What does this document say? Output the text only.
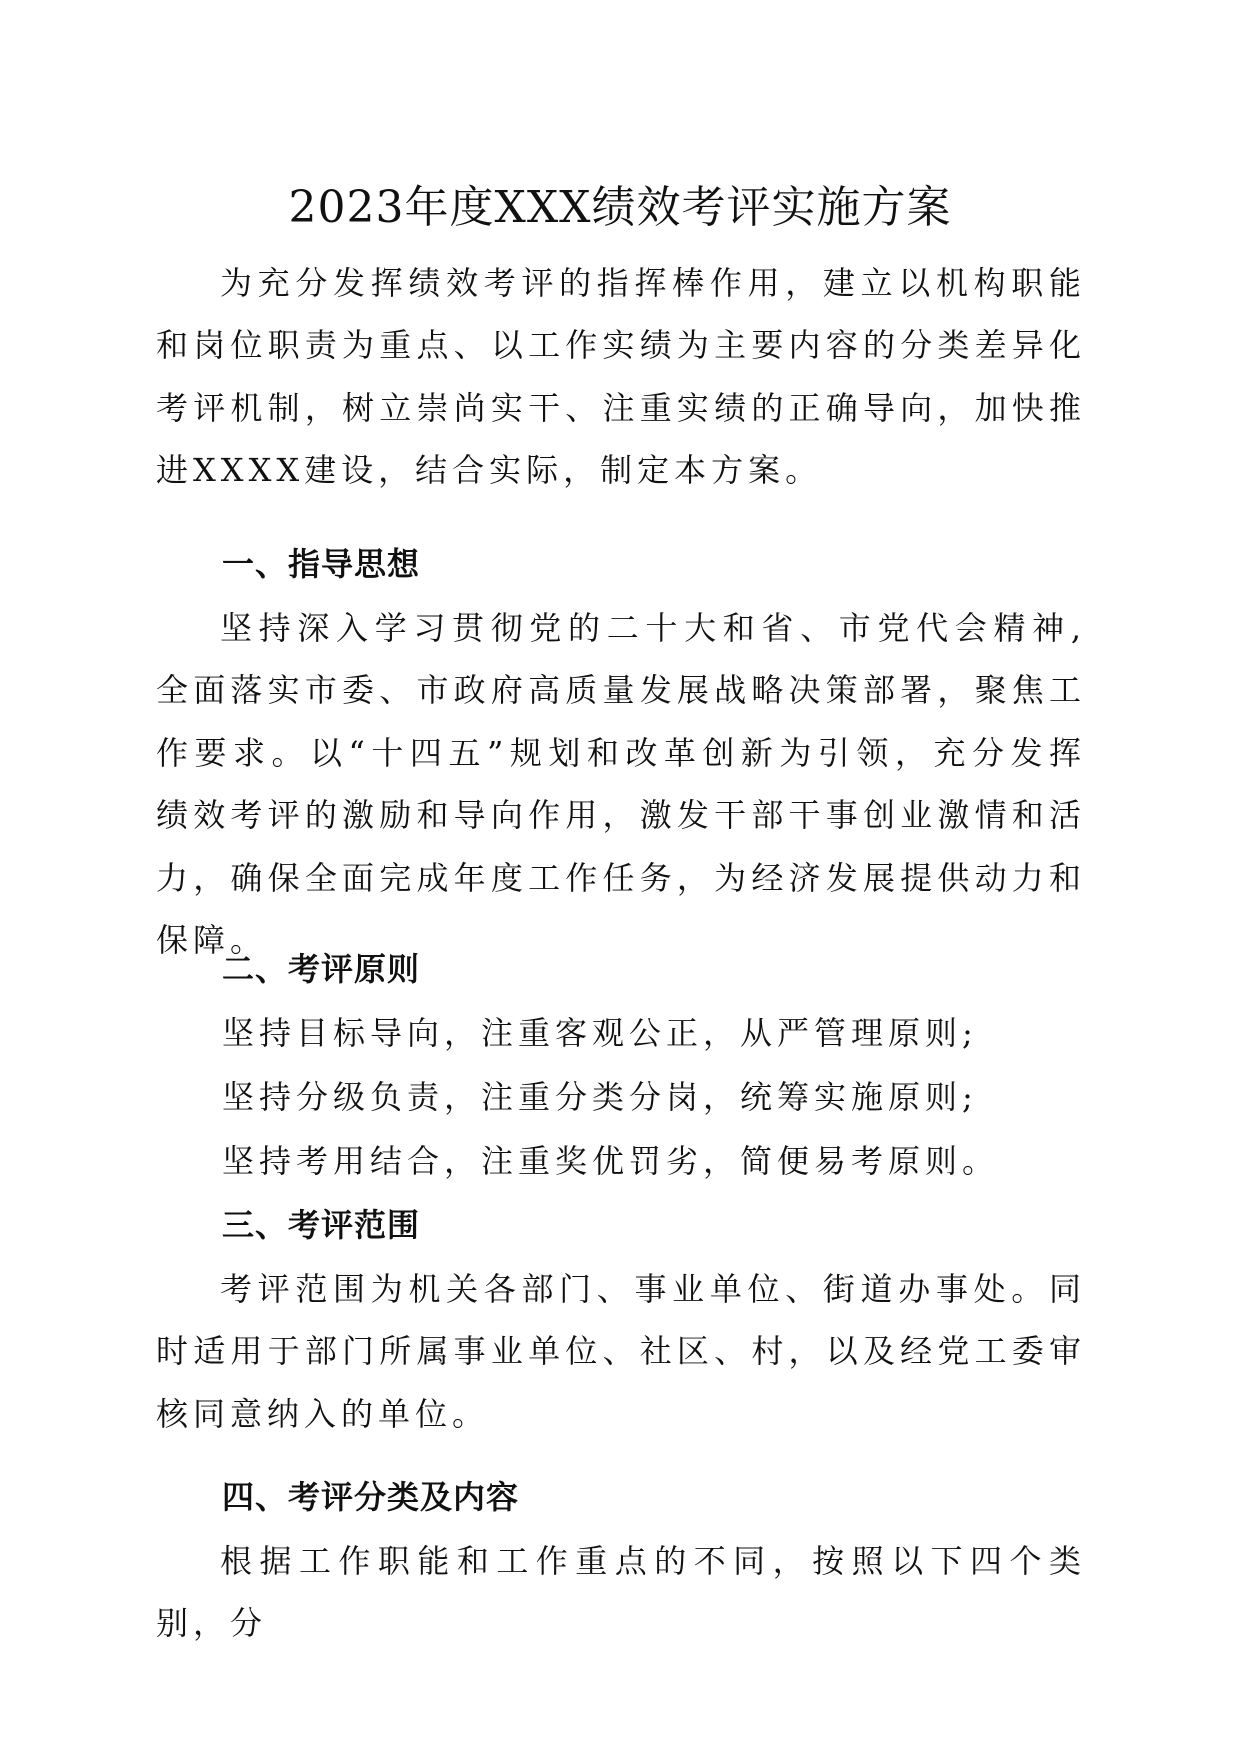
2023年度XXX绩效考评实施方案
为充分发挥绩效考评的指挥棒作用，建立以机构职能和岗位职责为重点、以工作实绩为主要内容的分类差异化考评机制，树立崇尚实干、注重实绩的正确导向，加快推进XXXX建设，结合实际，制定本方案。
一、指导思想
坚持深入学习贯彻党的二十大和省、市党代会精神,全面落实市委、市政府高质量发展战略决策部署，聚焦工作要求。以“十四五”规划和改革创新为引领，充分发挥绩效考评的激励和导向作用，激发干部干事创业激情和活力，确保全面完成年度工作任务，为经济发展提供动力和保障。
二、考评原则
坚持目标导向，注重客观公正，从严管理原则;
坚持分级负责，注重分类分岗，统筹实施原则;
坚持考用结合，注重奖优罚劣，简便易考原则。
三、考评范围
考评范围为机关各部门、事业单位、街道办事处。同时适用于部门所属事业单位、社区、村，以及经党工委审核同意纳入的单位。
四、考评分类及内容
根据工作职能和工作重点的不同，按照以下四个类别，分
